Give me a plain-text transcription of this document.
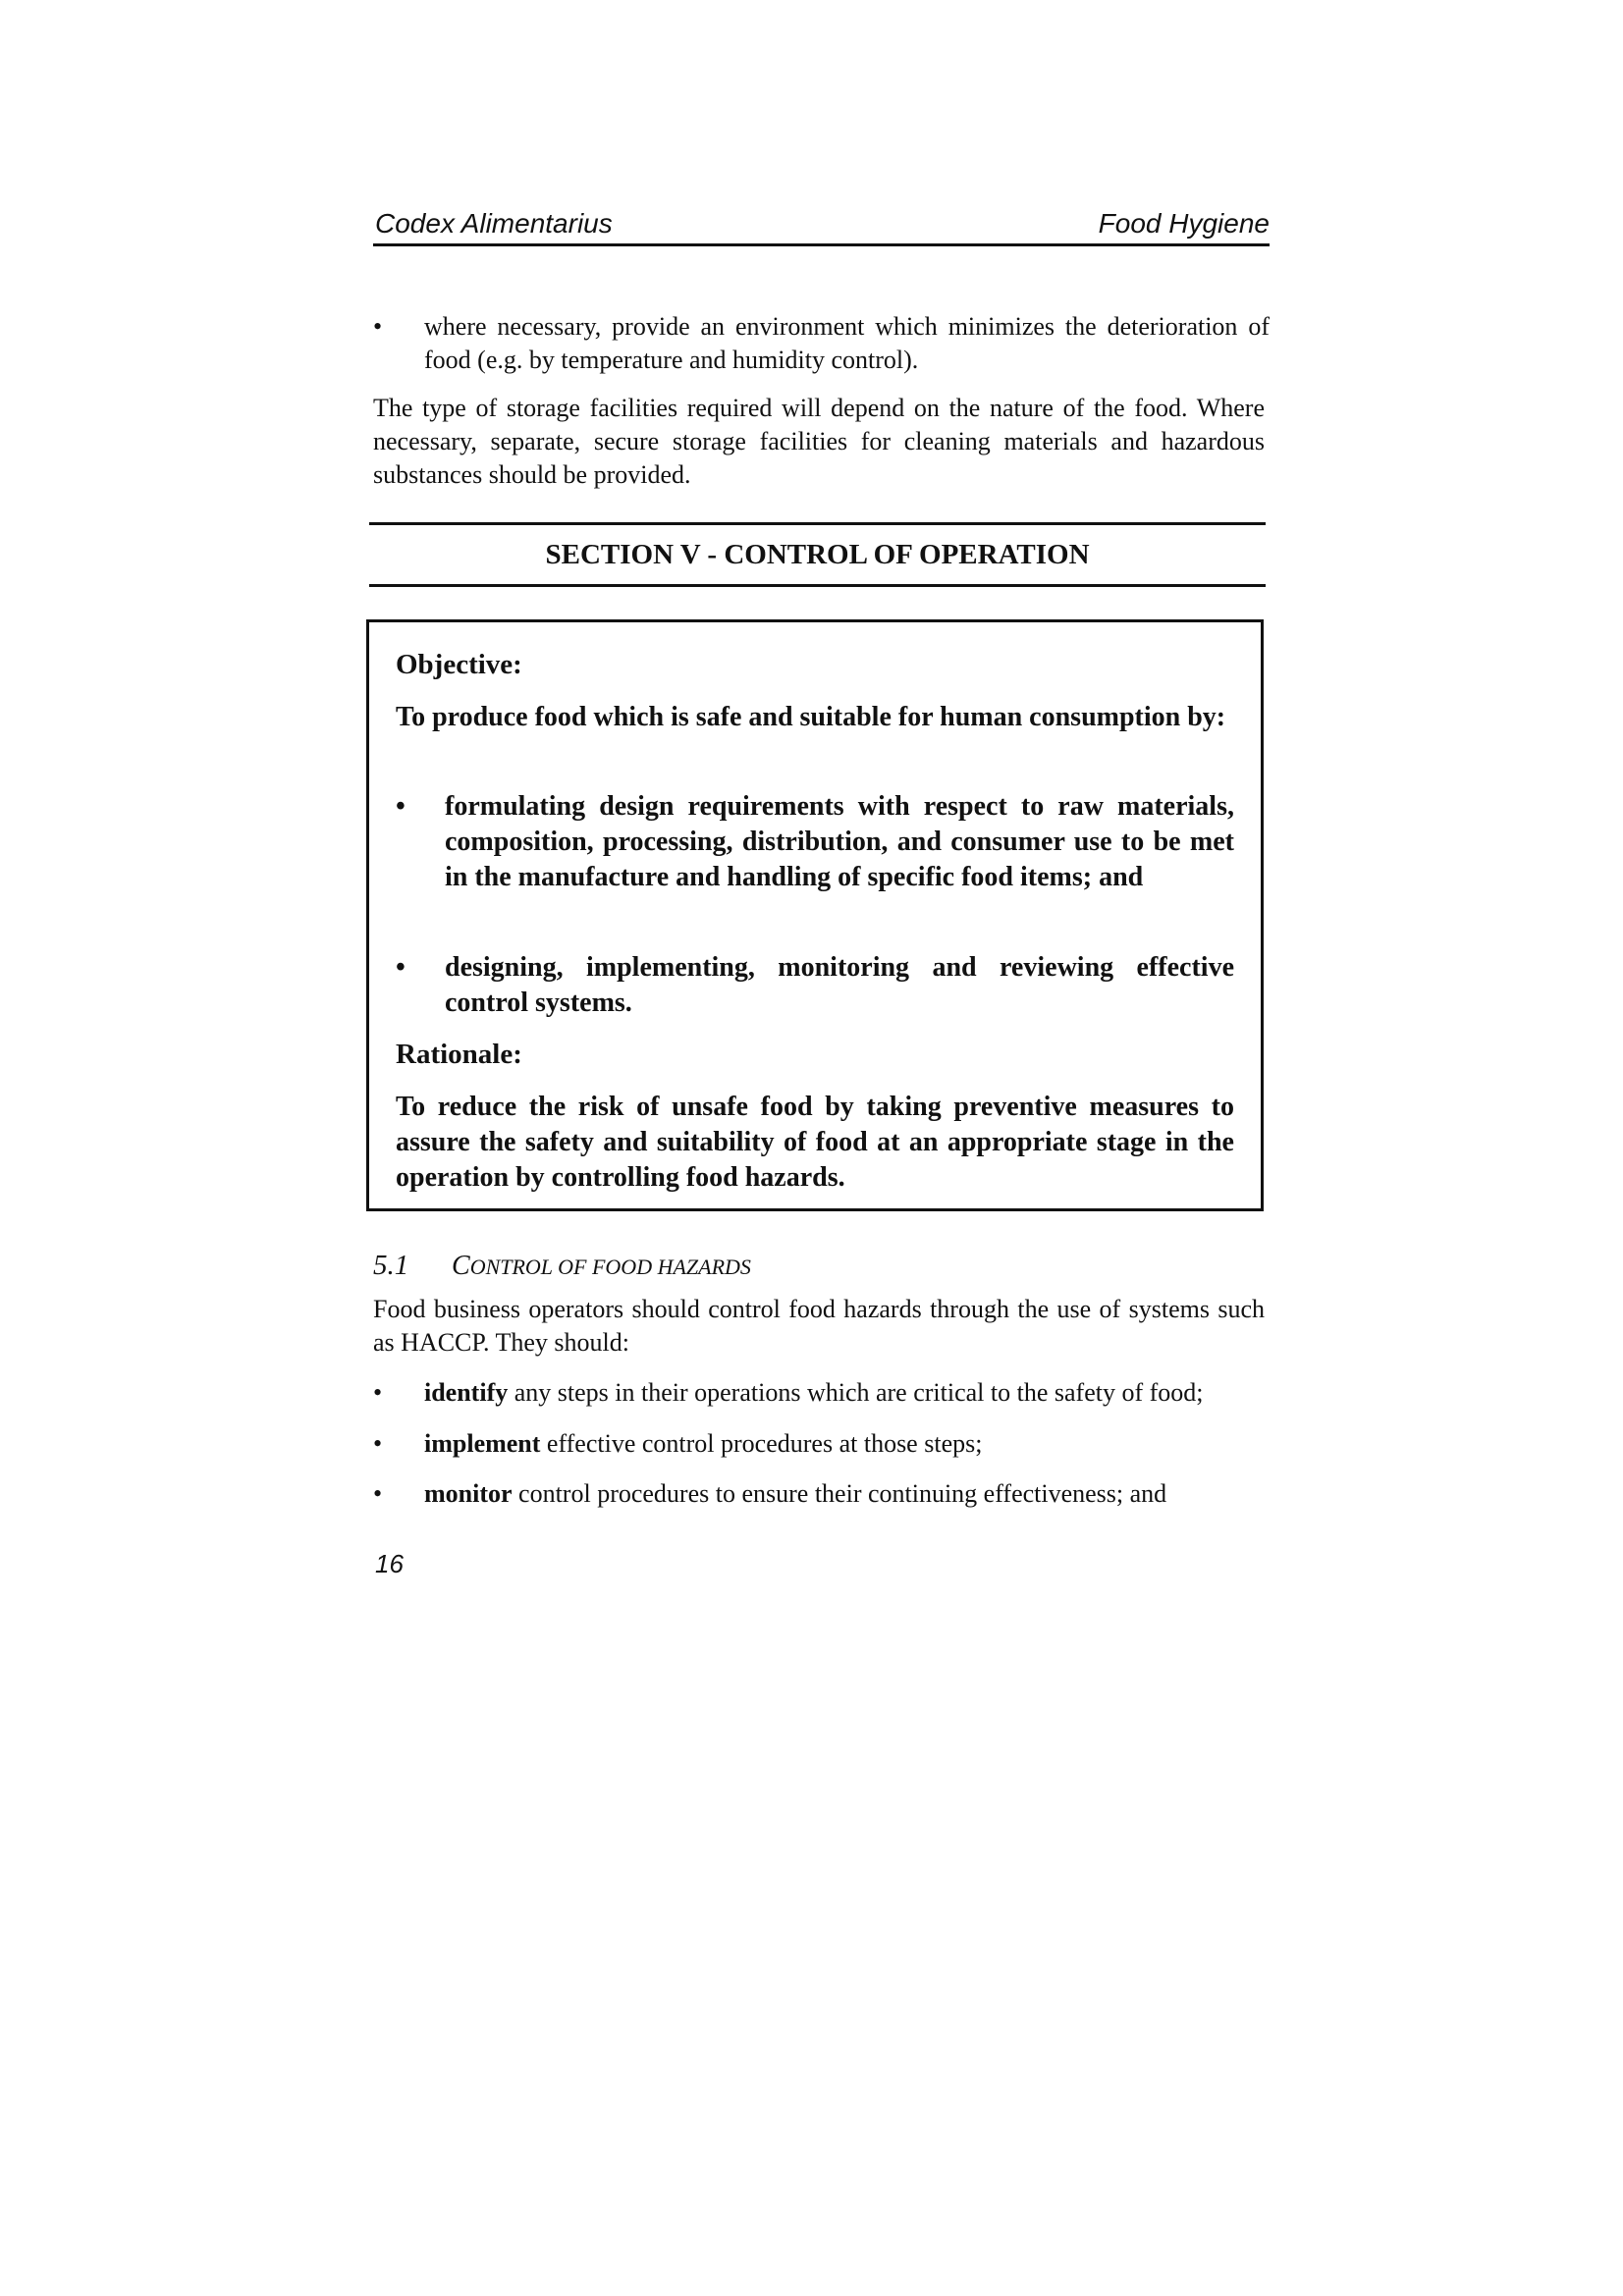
Codex Alimentarius	Food Hygiene
•	where necessary, provide an environment which minimizes the deterioration of food (e.g. by temperature and humidity control).
The type of storage facilities required will depend on the nature of the food. Where necessary, separate, secure storage facilities for cleaning materials and hazardous substances should be provided.
SECTION V - CONTROL OF OPERATION
Objective:
To produce food which is safe and suitable for human consumption by:
•	formulating design requirements with respect to raw materials, composition, processing, distribution, and consumer use to be met in the manufacture and handling of specific food items; and
•	designing, implementing, monitoring and reviewing effective control systems.
Rationale:
To reduce the risk of unsafe food by taking preventive measures to assure the safety and suitability of food at an appropriate stage in the operation by controlling food hazards.
5.1 CONTROL OF FOOD HAZARDS
Food business operators should control food hazards through the use of systems such as HACCP. They should:
•	identify any steps in their operations which are critical to the safety of food;
•	implement effective control procedures at those steps;
•	monitor control procedures to ensure their continuing effectiveness; and
16
